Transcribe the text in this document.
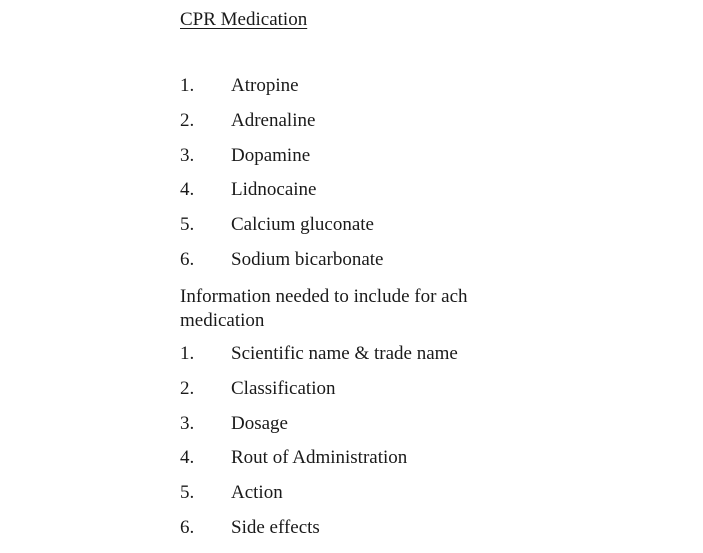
CPR Medication
1. Atropine
2. Adrenaline
3. Dopamine
4. Lidnocaine
5. Calcium gluconate
6. Sodium bicarbonate

Information needed to include for ach medication

1. Scientific name & trade name
2. Classification
3. Dosage
4. Rout of Administration
5. Action
6. Side effects
